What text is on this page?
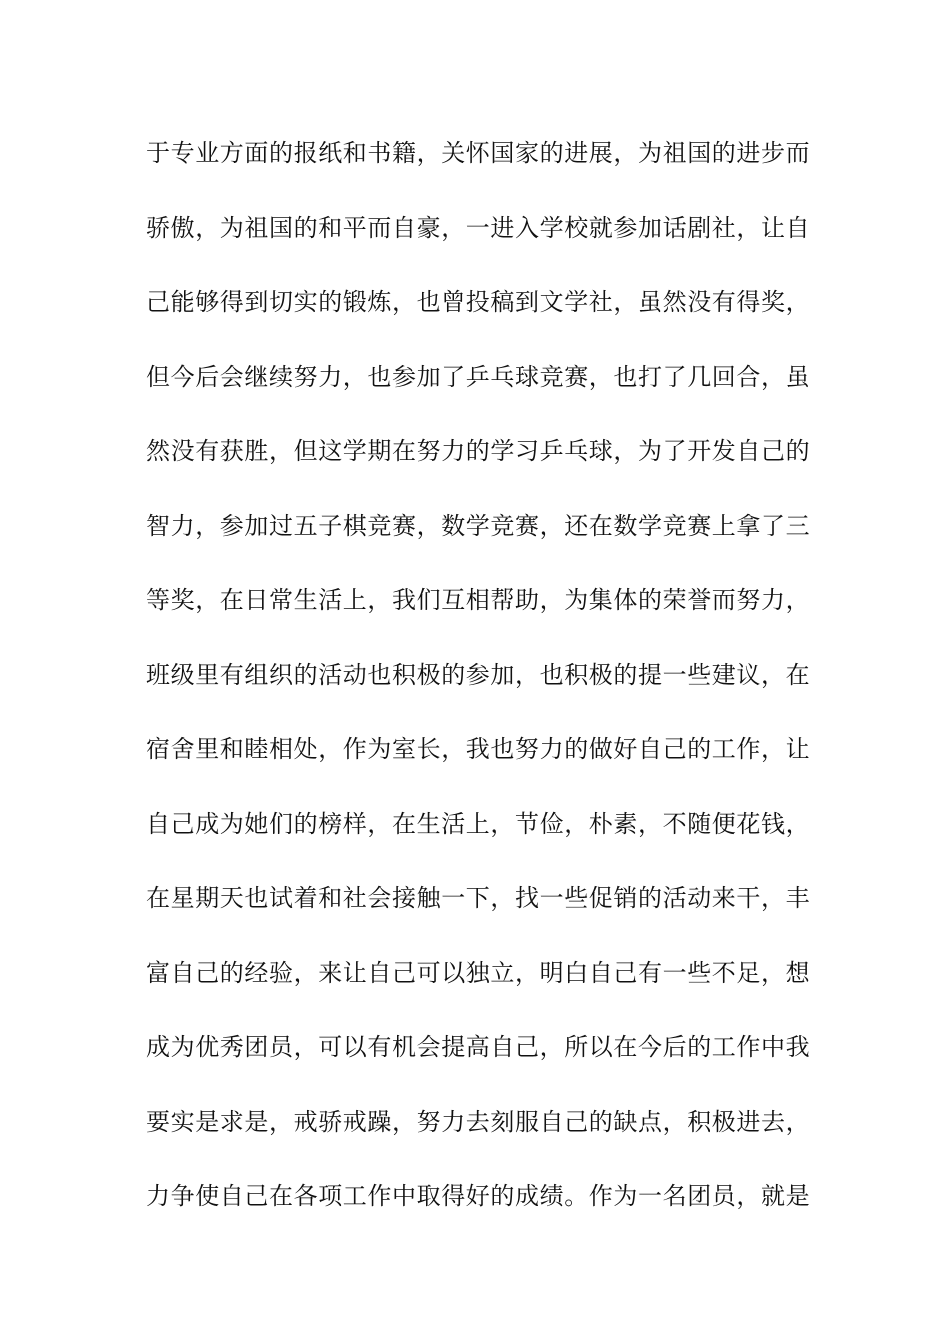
于专业方面的报纸和书籍，关怀国家的进展，为祖国的进步而
骄傲，为祖国的和平而自豪，一进入学校就参加话剧社，让自
己能够得到切实的锻炼，也曾投稿到文学社，虽然没有得奖，
但今后会继续努力，也参加了乒乓球竞赛，也打了几回合，虽
然没有获胜，但这学期在努力的学习乒乓球，为了开发自己的
智力，参加过五子棋竞赛，数学竞赛，还在数学竞赛上拿了三
等奖，在日常生活上，我们互相帮助，为集体的荣誉而努力，
班级里有组织的活动也积极的参加，也积极的提一些建议，在
宿舍里和睦相处，作为室长，我也努力的做好自己的工作，让
自己成为她们的榜样，在生活上，节俭，朴素，不随便花钱，
在星期天也试着和社会接触一下，找一些促销的活动来干，丰
富自己的经验，来让自己可以独立，明白自己有一些不足，想
成为优秀团员，可以有机会提高自己，所以在今后的工作中我
要实是求是，戒骄戒躁，努力去刻服自己的缺点，积极进去，
力争使自己在各项工作中取得好的成绩。作为一名团员，就是
